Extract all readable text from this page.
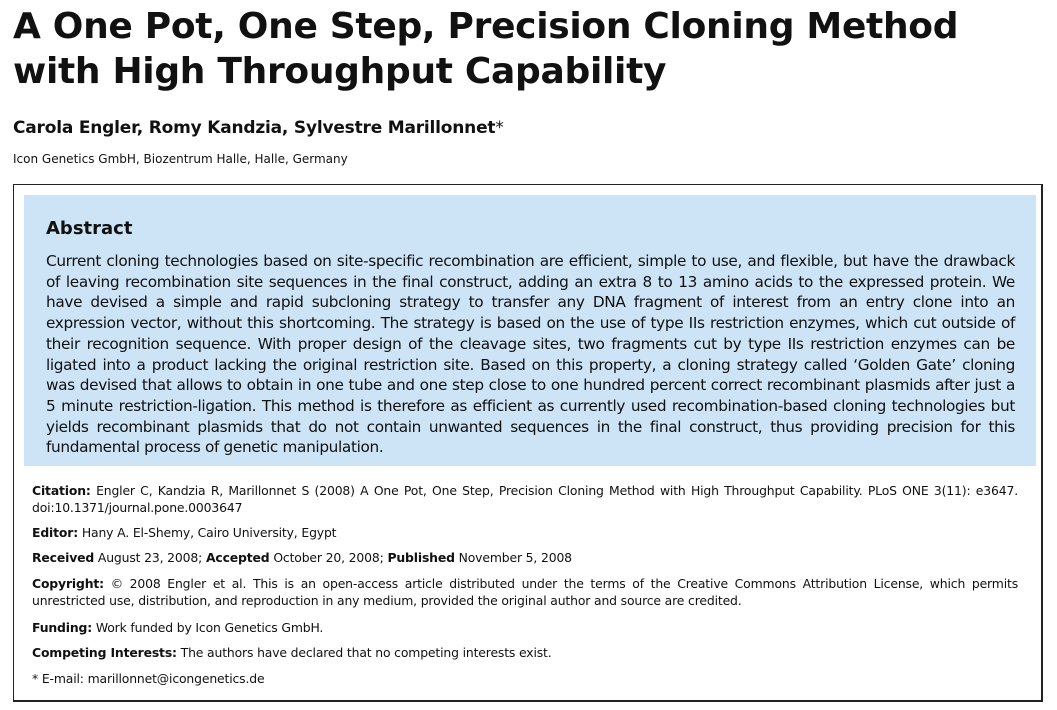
A One Pot, One Step, Precision Cloning Method with High Throughput Capability

Carola Engler, Romy Kandzia, Sylvestre Marillonnet*

Icon Genetics GmbH, Biozentrum Halle, Halle, Germany

Abstract

Current cloning technologies based on site-specific recombination are efficient, simple to use, and flexible, but have the drawback of leaving recombination site sequences in the final construct, adding an extra 8 to 13 amino acids to the expressed protein. We have devised a simple and rapid subcloning strategy to transfer any DNA fragment of interest from an entry clone into an expression vector, without this shortcoming. The strategy is based on the use of type IIs restriction enzymes, which cut outside of their recognition sequence. With proper design of the cleavage sites, two fragments cut by type IIs restriction enzymes can be ligated into a product lacking the original restriction site. Based on this property, a cloning strategy called ‘Golden Gate’ cloning was devised that allows to obtain in one tube and one step close to one hundred percent correct recombinant plasmids after just a 5 minute restriction-ligation. This method is therefore as efficient as currently used recombination-based cloning technologies but yields recombinant plasmids that do not contain unwanted sequences in the final construct, thus providing precision for this fundamental process of genetic manipulation.

Citation: Engler C, Kandzia R, Marillonnet S (2008) A One Pot, One Step, Precision Cloning Method with High Throughput Capability. PLoS ONE 3(11): e3647. doi:10.1371/journal.pone.0003647

Editor: Hany A. El-Shemy, Cairo University, Egypt

Received August 23, 2008; Accepted October 20, 2008; Published November 5, 2008

Copyright: © 2008 Engler et al. This is an open-access article distributed under the terms of the Creative Commons Attribution License, which permits unrestricted use, distribution, and reproduction in any medium, provided the original author and source are credited.

Funding: Work funded by Icon Genetics GmbH.

Competing Interests: The authors have declared that no competing interests exist.

* E-mail: marillonnet@icongenetics.de
